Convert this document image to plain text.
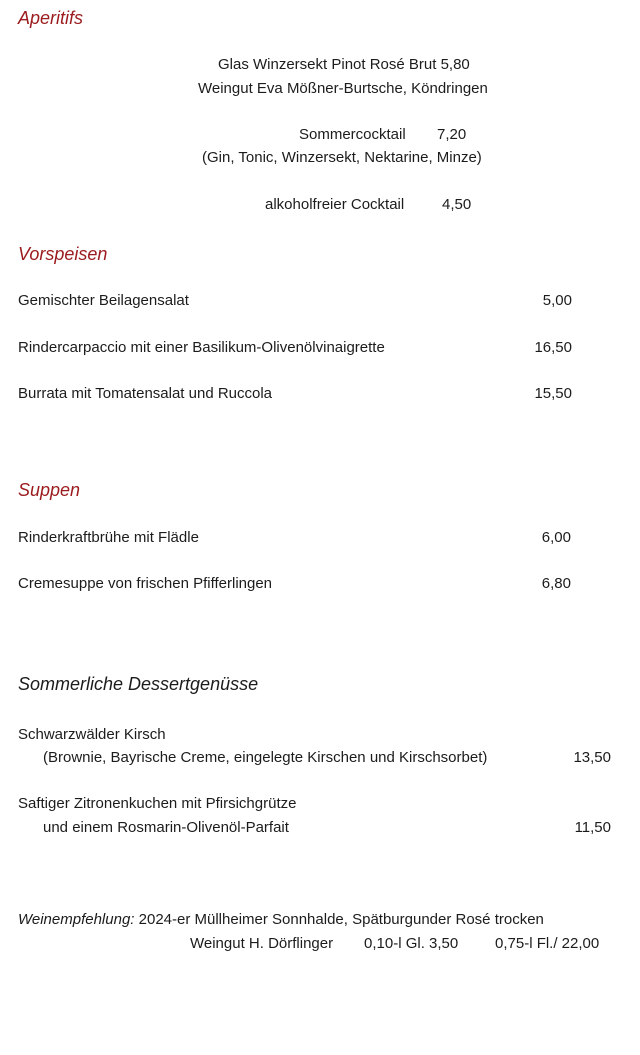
Aperitifs
Glas Winzersekt Pinot Rosé Brut 5,80
Weingut Eva Mößner-Burtsche, Köndringen
Sommercocktail 7,20
(Gin, Tonic, Winzersekt, Nektarine, Minze)
alkoholfreier Cocktail	4,50
Vorspeisen
Gemischter Beilagensalat	5,00
Rindercarpaccio mit einer Basilikum-Olivenölvinaigrette	16,50
Burrata mit Tomatensalat und Ruccola	15,50
Suppen
Rinderkraftbrühe mit Flädle	6,00
Cremesuppe von frischen Pfifferlingen	6,80
Sommerliche Dessertgenüsse
Schwarzwälder Kirsch
(Brownie, Bayrische Creme, eingelegte Kirschen und Kirschsorbet)	13,50
Saftiger Zitronenkuchen mit Pfirsichgrütze
und einem Rosmarin-Olivenöl-Parfait	11,50
Weinempfehlung: 2024-er Müllheimer Sonnhalde, Spätburgunder Rosé trocken
Weingut H. Dörflinger 0,10-l Gl. 3,50 0,75-l Fl./ 22,00
